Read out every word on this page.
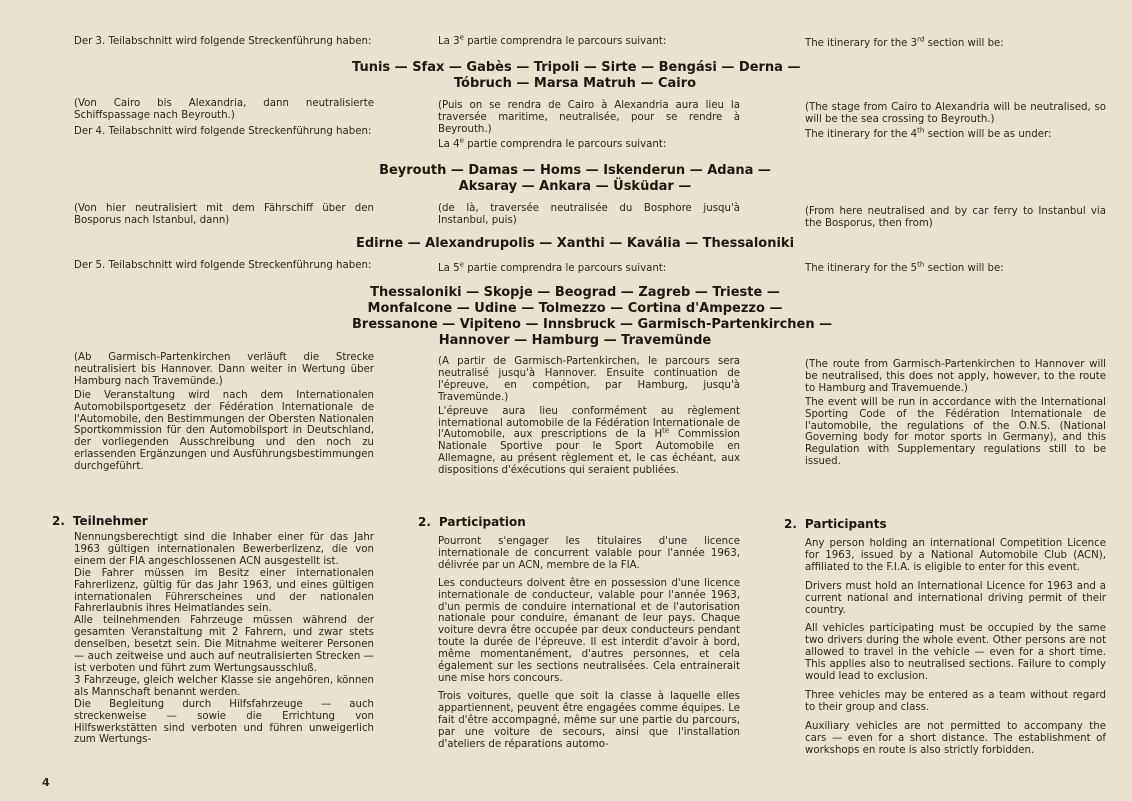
Der 3. Teilabschnitt wird folgende Streckenführung haben:	La 3e partie comprendra le parcours suivant:	The itinerary for the 3rd section will be:

Tunis — Sfax — Gabès — Tripoli — Sirte — Bengási — Derna —
Tóbruch — Marsa Matruh — Cairo

(Von Cairo bis Alexandria, dann neutralisierte Schiffspassage nach Beyrouth.)

(Puis on se rendra de Cairo à Alexandria aura lieu la traversée maritime, neutralisée, pour se rendre à Beyrouth.)

(The stage from Cairo to Alexandria will be neutralised, so will be the sea crossing to Beyrouth.)

Der 4. Teilabschnitt wird folgende Streckenführung haben:

La 4e partie comprendra le parcours suivant:

The itinerary for the 4th section will be as under:

Beyrouth — Damas — Homs — Iskenderun — Adana —
Aksaray — Ankara — Üsküdar —

(Von hier neutralisiert mit dem Fährschiff über den Bosporus nach Istanbul, dann)

(de là, traversée neutralisée du Bosphore jusqu'à Instanbul, puis)

(From here neutralised and by car ferry to Instanbul via the Bosporus, then from)

Edirne — Alexandrupolis — Xanthi — Kavália — Thessaloniki

Der 5. Teilabschnitt wird folgende Streckenführung haben:	La 5e partie comprendra le parcours suivant:	The itinerary for the 5th section will be:

Thessaloniki — Skopje — Beograd — Zagreb — Trieste —
Monfalcone — Udine — Tolmezzo — Cortina d'Ampezzo —
Bressanone — Vipiteno — Innsbruck — Garmisch-Partenkirchen —
Hannover — Hamburg — Travemünde

(Ab Garmisch-Partenkirchen verläuft die Strecke neutralisiert bis Hannover. Dann weiter in Wertung über Hamburg nach Travemünde.)

Die Veranstaltung wird nach dem Internationalen Automobilsportgesetz der Fédération Internationale de l'Automobile, den Bestimmungen der Obersten Nationalen Sportkommission für den Automobilsport in Deutschland, der vorliegenden Ausschreibung und den noch zu erlassenden Ergänzungen und Ausführungsbestimmungen durchgeführt.

(A partir de Garmisch-Partenkirchen, le parcours sera neutralisé jusqu'à Hannover. Ensuite continuation de l'épreuve, en compétion, par Hamburg, jusqu'à Travemünde.)

L'épreuve aura lieu conformément au règlement international automobile de la Fédération Internationale de l'Automobile, aux prescriptions de la $H^{te}$ Commission Nationale Sportive pour le Sport Automobile en Allemagne, au présent règlement et, le cas échéant, aux dispositions d'éxécutions qui seraient publiées.

(The route from Garmisch-Partenkirchen to Hannover will be neutralised, this does not apply, however, to the route to Hamburg and Travemuende.)

The event will be run in accordance with the International Sporting Code of the Fédération Internationale de l'automobile, the regulations of the O.N.S. (National Governing body for motor sports in Germany), and this Regulation with Supplementary regulations still to be issued.

2. Teilnehmer	2. Participation	2. Participants

Nennungsberechtigt sind die Inhaber einer für das Jahr 1963 gültigen internationalen Bewerberlizenz, die von einem der FIA angeschlossenen ACN ausgestellt ist.

Die Fahrer müssen im Besitz einer internationalen Fahrerlizenz, gültig für das Jahr 1963, und eines gültigen internationalen Führerscheines und der nationalen Fahrerlaubnis ihres Heimatlandes sein.

Alle teilnehmenden Fahrzeuge müssen während der gesamten Veranstaltung mit 2 Fahrern, und zwar stets denselben, besetzt sein. Die Mitnahme weiterer Personen — auch zeitweise und auch auf neutralisierten Strecken — ist verboten und führt zum Wertungsausschluß.

3 Fahrzeuge, gleich welcher Klasse sie angehören, können als Mannschaft benannt werden.

Die Begleitung durch Hilfsfahrzeuge — auch streckenweise — sowie die Errichtung von Hilfswerkstätten sind verboten und führen unweigerlich zum Wertungs-

Pourront s'engager les titulaires d'une licence internationale de concurrent valable pour l'année 1963, délivrée par un ACN, membre de la FIA.

Les conducteurs doivent être en possession d'une licence internationale de conducteur, valable pour l'année 1963, d'un permis de conduire international et de l'autorisation nationale pour conduire, émanant de leur pays. Chaque voiture devra être occupée par deux conducteurs pendant toute la durée de l'épreuve. Il est interdit d'avoir à bord, même momentanément, d'autres personnes, et cela également sur les sections neutralisées. Cela entrainerait une mise hors concours.

Trois voitures, quelle que soit la classe à laquelle elles appartiennent, peuvent être engagées comme équipes. Le fait d'être accompagné, même sur une partie du parcours, par une voiture de secours, ainsi que l'installation d'ateliers de réparations automo-

Any person holding an international Competition Licence for 1963, issued by a National Automobile Club (ACN), affiliated to the F.I.A. is eligible to enter for this event.

Drivers must hold an International Licence for 1963 and a current national and international driving permit of their country.

All vehicles participating must be occupied by the same two drivers during the whole event. Other persons are not allowed to travel in the vehicle — even for a short time. This applies also to neutralised sections. Failure to comply would lead to exclusion.

Three vehicles may be entered as a team without regard to their group and class.

Auxiliary vehicles are not permitted to accompany the cars — even for a short distance. The establishment of workshops en route is also strictly forbidden.

4
